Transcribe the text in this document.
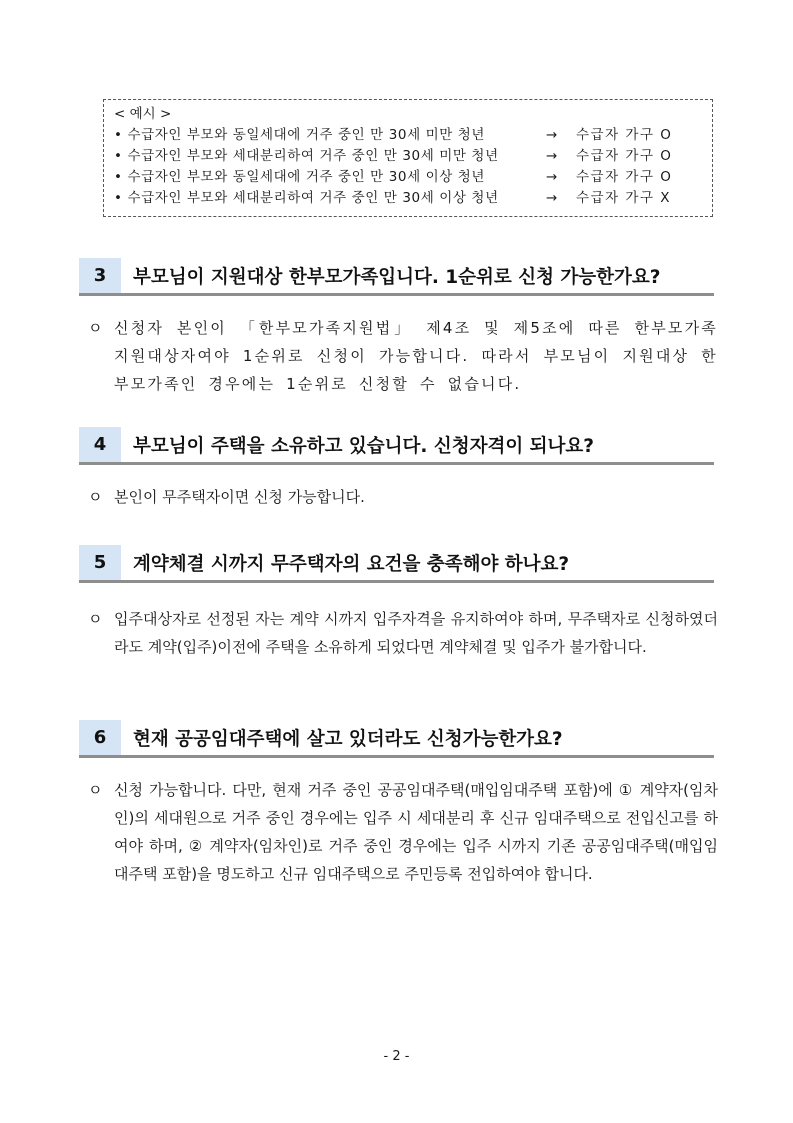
< 예시 >
• 수급자인 부모와 동일세대에 거주 중인 만 30세 미만 청년	→	수급자 가구 O
• 수급자인 부모와 세대분리하여 거주 중인 만 30세 미만 청년	→	수급자 가구 O
• 수급자인 부모와 동일세대에 거주 중인 만 30세 이상 청년	→	수급자 가구 O
• 수급자인 부모와 세대분리하여 거주 중인 만 30세 이상 청년	→	수급자 가구 X
3	부모님이 지원대상 한부모가족입니다. 1순위로 신청 가능한가요?
ㅇ 신청자 본인이 「한부모가족지원법」 제4조 및 제5조에 따른 한부모가족 지원대상자여야 1순위로 신청이 가능합니다. 따라서 부모님이 지원대상 한부모가족인 경우에는 1순위로 신청할 수 없습니다.
4	부모님이 주택을 소유하고 있습니다. 신청자격이 되나요?
ㅇ 본인이 무주택자이면 신청 가능합니다.
5	계약체결 시까지 무주택자의 요건을 충족해야 하나요?
ㅇ 입주대상자로 선정된 자는 계약 시까지 입주자격을 유지하여야 하며, 무주택자로 신청하였더라도 계약(입주)이전에 주택을 소유하게 되었다면 계약체결 및 입주가 불가합니다.
6	현재 공공임대주택에 살고 있더라도 신청가능한가요?
ㅇ 신청 가능합니다. 다만, 현재 거주 중인 공공임대주택(매입임대주택 포함)에 ① 계약자(임차인)의 세대원으로 거주 중인 경우에는 입주 시 세대분리 후 신규 임대주택으로 전입신고를 하여야 하며, ② 계약자(임차인)로 거주 중인 경우에는 입주 시까지 기존 공공임대주택(매입임대주택 포함)을 명도하고 신규 임대주택으로 주민등록 전입하여야 합니다.
- 2 -
